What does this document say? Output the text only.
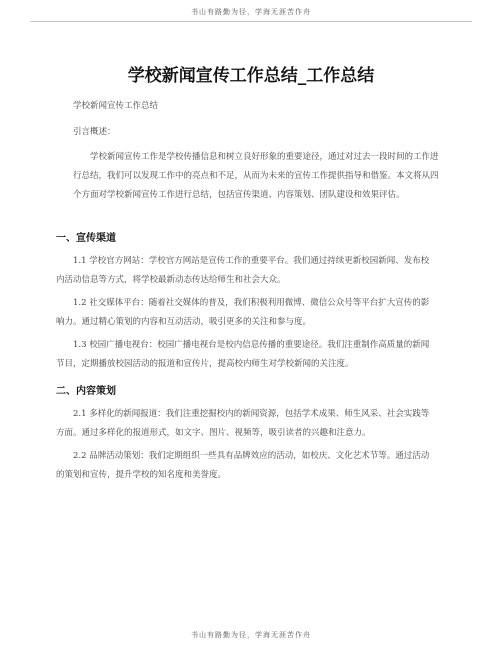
书山有路勤为径，学海无涯苦作舟
学校新闻宣传工作总结_工作总结
学校新闻宣传工作总结
引言概述：
学校新闻宣传工作是学校传播信息和树立良好形象的重要途径，通过对过去一段时间的工作进行总结，我们可以发现工作中的亮点和不足，从而为未来的宣传工作提供指导和借鉴。本文将从四个方面对学校新闻宣传工作进行总结，包括宣传渠道、内容策划、团队建设和效果评估。
一、宣传渠道
1.1 学校官方网站：学校官方网站是宣传工作的重要平台。我们通过持续更新校园新闻、发布校内活动信息等方式，将学校最新动态传达给师生和社会大众。
1.2 社交媒体平台：随着社交媒体的普及，我们积极利用微博、微信公众号等平台扩大宣传的影响力。通过精心策划的内容和互动活动，吸引更多的关注和参与度。
1.3 校园广播电视台：校园广播电视台是校内信息传播的重要途径。我们注重制作高质量的新闻节目，定期播放校园活动的报道和宣传片，提高校内师生对学校新闻的关注度。
二、内容策划
2.1 多样化的新闻报道：我们注重挖掘校内的新闻资源，包括学术成果、师生风采、社会实践等方面。通过多样化的报道形式，如文字、图片、视频等，吸引读者的兴趣和注意力。
2.2 品牌活动策划：我们定期组织一些具有品牌效应的活动，如校庆、文化艺术节等。通过活动的策划和宣传，提升学校的知名度和美誉度。
书山有路勤为径，学海无涯苦作舟
